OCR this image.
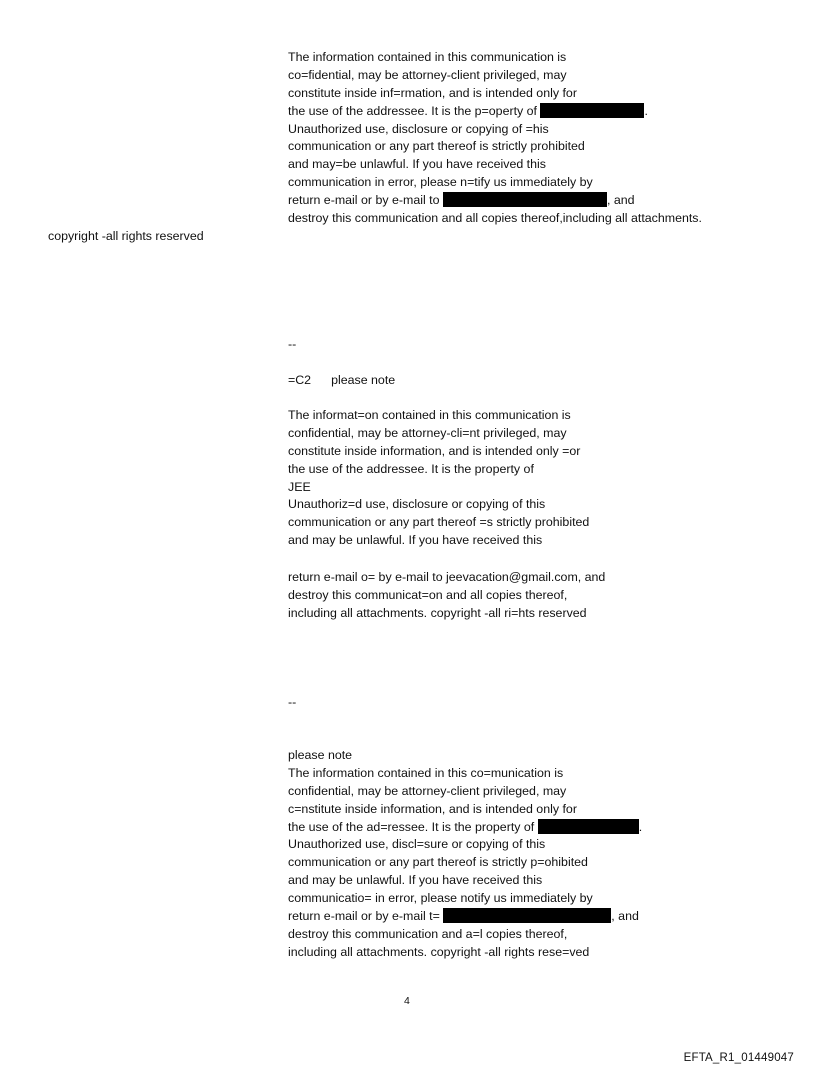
The information contained in this communication is
co=fidential, may be attorney-client privileged, may
constitute inside inf=rmation, and is intended only for
the use of the addressee. It is the p=operty of	.
Unauthorized use, disclosure or copying of =his
communication or any part thereof is strictly prohibited
and may=be unlawful. If you have received this
communication in error, please n=tify us immediately by
return e-mail or by e-mail to	, and
destroy this communication and all copies thereof,including all attachments.
copyright -all rights reserved
--
=C2 please note
The informat=on contained in this communication is
confidential, may be attorney-cli=nt privileged, may
constitute inside information, and is intended only =or
the use of the addressee. It is the property of
JEE
Unauthoriz=d use, disclosure or copying of this
communication or any part thereof =s strictly prohibited
and may be unlawful. If you have received this
return e-mail o= by e-mail to jeevacation@gmail.com, and
destroy this communicat=on and all copies thereof,
including all attachments. copyright -all ri=hts reserved
--
please note
The information contained in this co=munication is
confidential, may be attorney-client privileged, may
c=nstitute inside information, and is intended only for
the use of the ad=ressee. It is the property of	.
Unauthorized use, discl=sure or copying of this
communication or any part thereof is strictly p=ohibited
and may be unlawful. If you have received this
communicatio= in error, please notify us immediately by
return e-mail or by e-mail t=	, and
destroy this communication and a=l copies thereof,
including all attachments. copyright -all rights rese=ved
4
EFTA_R1_01449047
